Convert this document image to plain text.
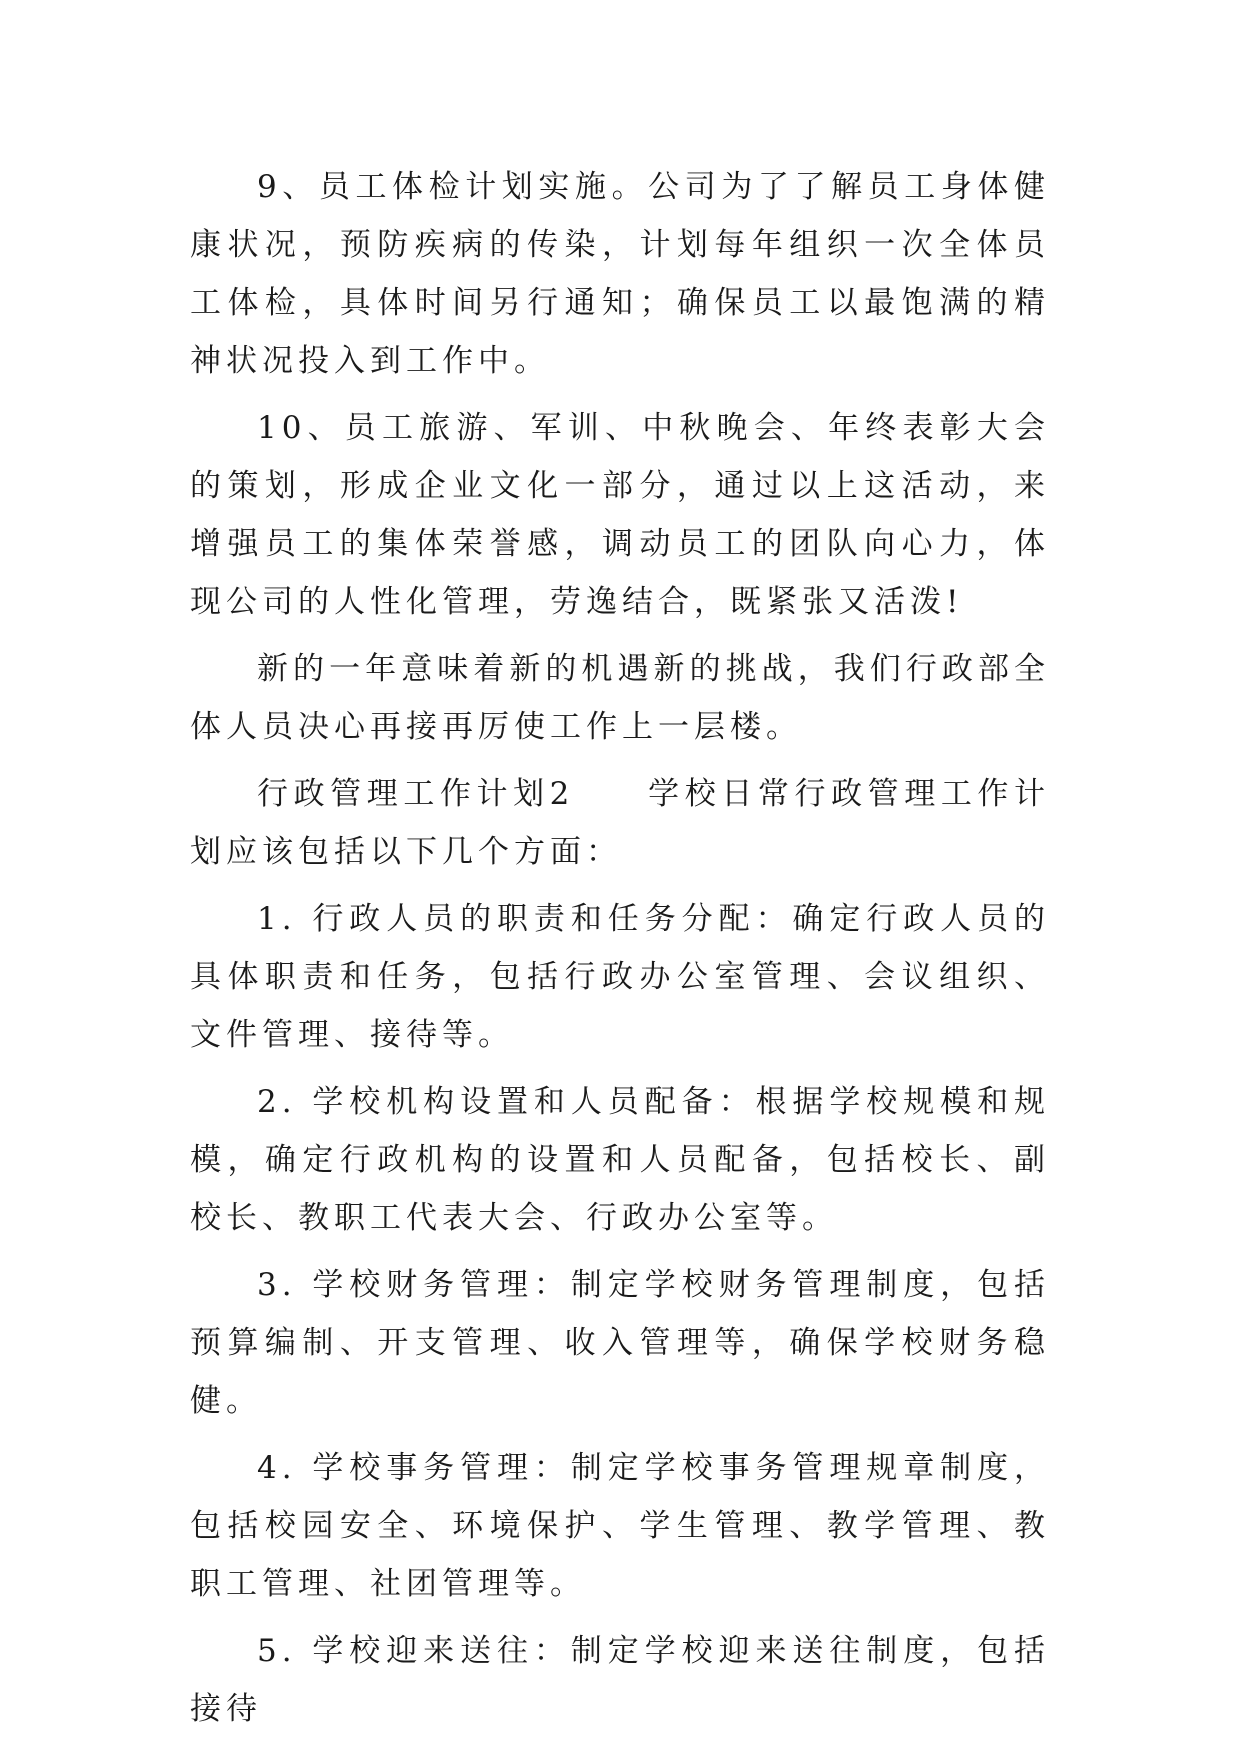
9、员工体检计划实施。公司为了了解员工身体健康状况，预防疾病的传染，计划每年组织一次全体员工体检，具体时间另行通知；确保员工以最饱满的精神状况投入到工作中。

10、员工旅游、军训、中秋晚会、年终表彰大会的策划，形成企业文化一部分，通过以上这活动，来增强员工的集体荣誉感，调动员工的团队向心力，体现公司的人性化管理，劳逸结合，既紧张又活泼!

新的一年意味着新的机遇新的挑战，我们行政部全体人员决心再接再厉使工作上一层楼。

行政管理工作计划2　　学校日常行政管理工作计划应该包括以下几个方面：

1. 行政人员的职责和任务分配：确定行政人员的具体职责和任务，包括行政办公室管理、会议组织、文件管理、接待等。

2. 学校机构设置和人员配备：根据学校规模和规模，确定行政机构的设置和人员配备，包括校长、副校长、教职工代表大会、行政办公室等。

3. 学校财务管理：制定学校财务管理制度，包括预算编制、开支管理、收入管理等，确保学校财务稳健。

4. 学校事务管理：制定学校事务管理规章制度，包括校园安全、环境保护、学生管理、教学管理、教职工管理、社团管理等。

5. 学校迎来送往：制定学校迎来送往制度，包括接待
